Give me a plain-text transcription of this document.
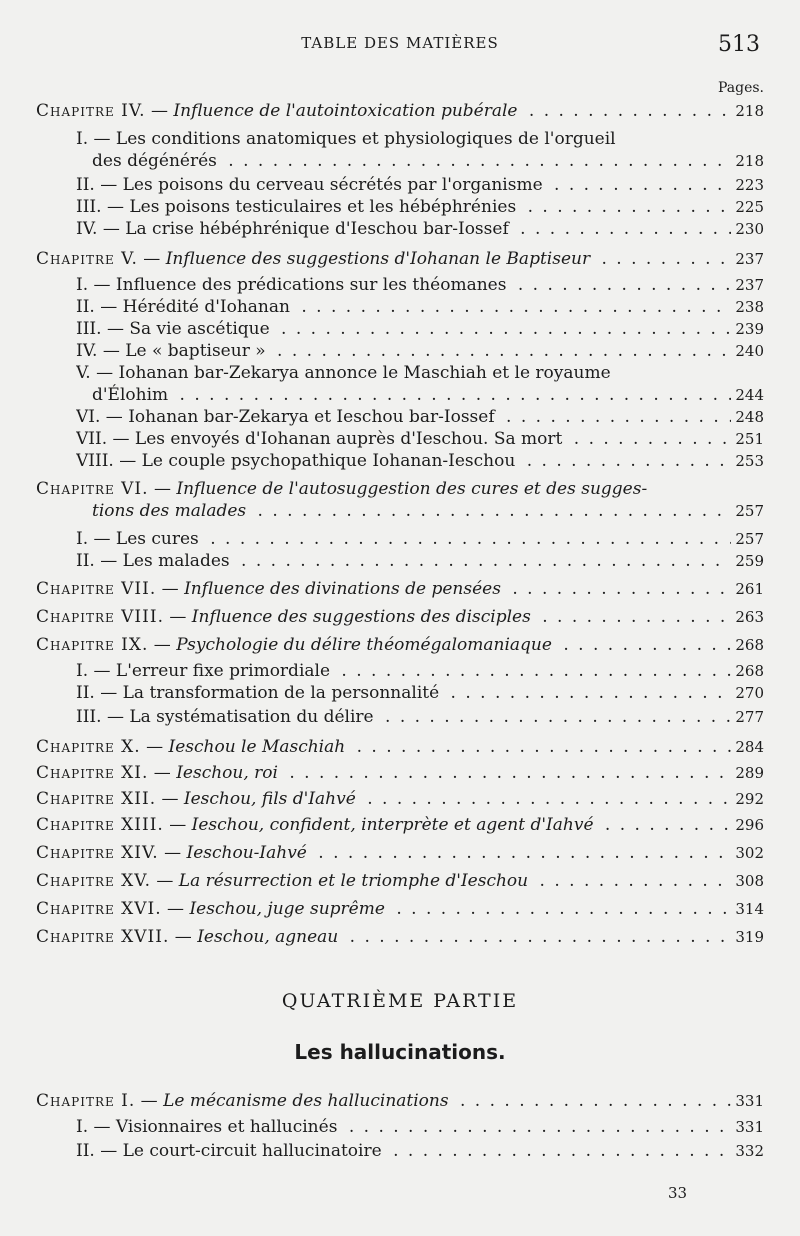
TABLE DES MATIÈRES	513
Pages.
Chapitre IV. — Influence de l'autointoxication pubérale . . .	218
I. — Les conditions anatomiques et physiologiques de l'orgueil
des dégénérés . . .	218
II. — Les poisons du cerveau sécrétés par l'organisme . . .	223
III. — Les poisons testiculaires et les hébéphrénies . . .	225
IV. — La crise hébéphrénique d'Ieschou bar-Iossef . . .	230
Chapitre V. — Influence des suggestions d'Iohanan le Baptiseur . . .	237
I. — Influence des prédications sur les théomanes . . .	237
II. — Hérédité d'Iohanan . . .	238
III. — Sa vie ascétique . . .	239
IV. — Le « baptiseur » . . .	240
V. — Iohanan bar-Zekarya annonce le Maschiah et le royaume
d'Élohim . . .	244
VI. — Iohanan bar-Zekarya et Ieschou bar-Iossef . . .	248
VII. — Les envoyés d'Iohanan auprès d'Ieschou. Sa mort . . .	251
VIII. — Le couple psychopathique Iohanan-Ieschou . . .	253
Chapitre VI. — Influence de l'autosuggestion des cures et des sugges-
tions des malades . . .	257
I. — Les cures . . .	257
II. — Les malades . . .	259
Chapitre VII. — Influence des divinations de pensées . . .	261
Chapitre VIII. — Influence des suggestions des disciples . . .	263
Chapitre IX. — Psychologie du délire théomégalomaniaque . . .	268
I. — L'erreur fixe primordiale . . .	268
II. — La transformation de la personnalité . . .	270
III. — La systématisation du délire . . .	277
Chapitre X. — Ieschou le Maschiah . . .	284
Chapitre XI. — Ieschou, roi . . .	289
Chapitre XII. — Ieschou, fils d'Iahvé . . .	292
Chapitre XIII. — Ieschou, confident, interprète et agent d'Iahvé . . .	296
Chapitre XIV. — Ieschou-Iahvé . . .	302
Chapitre XV. — La résurrection et le triomphe d'Ieschou . . .	308
Chapitre XVI. — Ieschou, juge suprême . . .	314
Chapitre XVII. — Ieschou, agneau . . .	319
Chapitre I. — Le mécanisme des hallucinations . . .	331
I. — Visionnaires et hallucinés . . .	331
II. — Le court-circuit hallucinatoire . . .	332
QUATRIÈME PARTIE
Les hallucinations.
33
